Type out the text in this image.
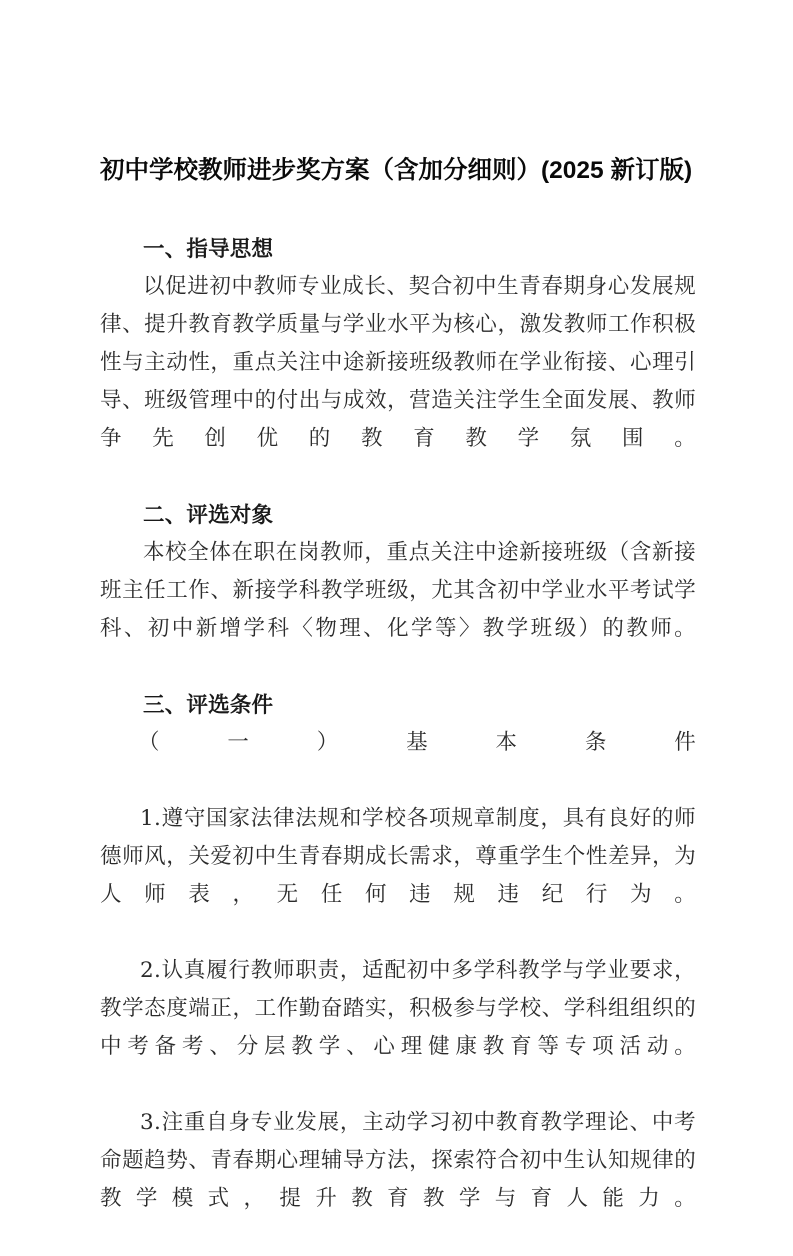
初中学校教师进步奖方案（含加分细则）(2025 新订版)
一、指导思想

以促进初中教师专业成长、契合初中生青春期身心发展规律、提升教育教学质量与学业水平为核心，激发教师工作积极性与主动性，重点关注中途新接班级教师在学业衔接、心理引导、班级管理中的付出与成效，营造关注学生全面发展、教师争先创优的教育教学氛围。

二、评选对象

本校全体在职在岗教师，重点关注中途新接班级（含新接班主任工作、新接学科教学班级，尤其含初中学业水平考试学科、初中新增学科〈物理、化学等〉教学班级）的教师。

三、评选条件

（一）基本条件

1.遵守国家法律法规和学校各项规章制度，具有良好的师德师风，关爱初中生青春期成长需求，尊重学生个性差异，为人师表，无任何违规违纪行为。

2.认真履行教师职责，适配初中多学科教学与学业要求，教学态度端正，工作勤奋踏实，积极参与学校、学科组组织的中考备考、分层教学、心理健康教育等专项活动。

3.注重自身专业发展，主动学习初中教育教学理论、中考命题趋势、青春期心理辅导方法，探索符合初中生认知规律的教学模式，提升教育教学与育人能力。
